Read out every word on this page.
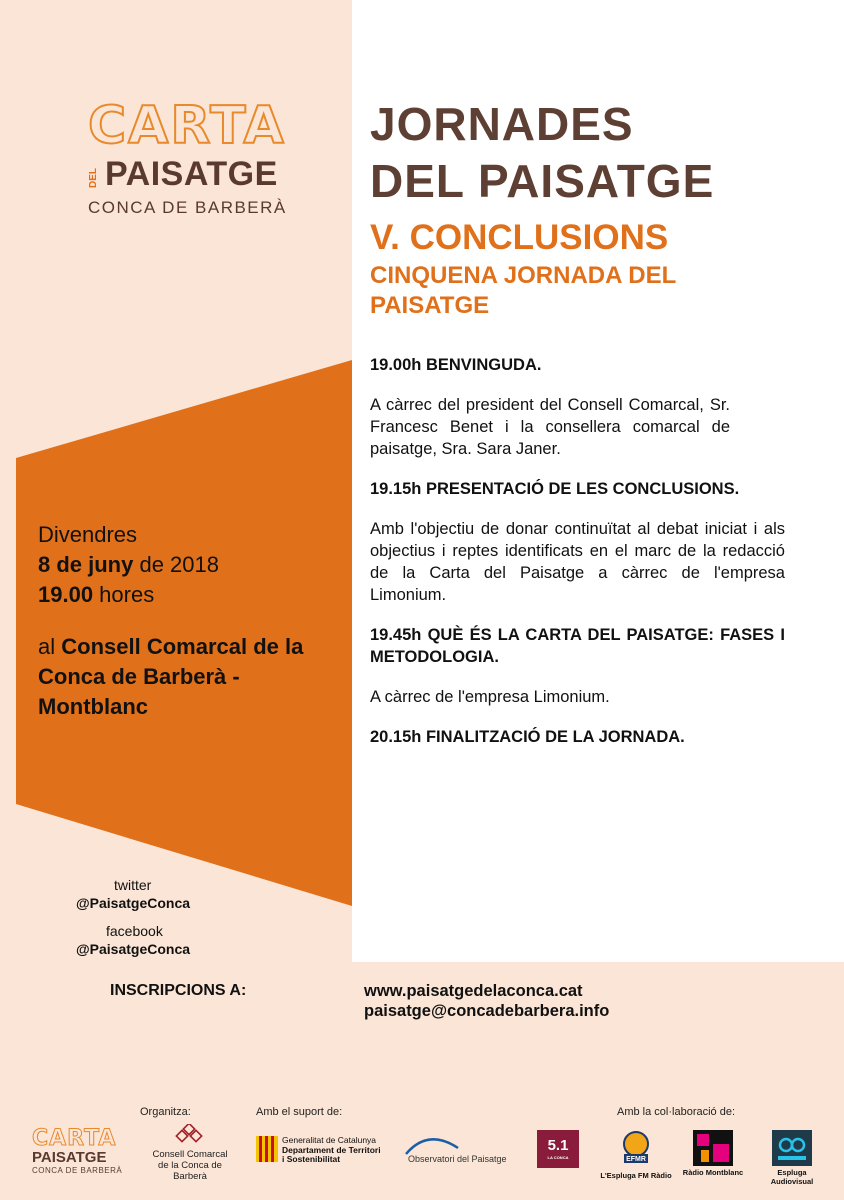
CARTA
DEL PAISATGE
CONCA DE BARBERÀ
JORNADES
DEL PAISATGE
V. CONCLUSIONS
CINQUENA JORNADA DEL PAISATGE
19.00h BENVINGUDA.

A càrrec del president del Consell Comarcal, Sr. Francesc Benet i la consellera comarcal de paisatge, Sra. Sara Janer.

19.15h PRESENTACIÓ DE LES CONCLUSIONS.

Amb l'objectiu de donar continuïtat al debat iniciat i als objectius i reptes identificats en el marc de la redacció de la Carta del Paisatge a càrrec de l'empresa Limonium.

19.45h QUÈ ÉS LA CARTA DEL PAISATGE: FASES I METODOLOGIA.

A càrrec de l'empresa Limonium.

20.15h FINALITZACIÓ DE LA JORNADA.
Divendres
8 de juny de 2018
19.00 hores
al Consell Comarcal de la Conca de Barberà - Montblanc
twitter
@PaisatgeConca
facebook
@PaisatgeConca
INSCRIPCIONS A:	www.paisatgedelaconca.cat
paisatge@concadebarbera.info
Organitza:	Amb el suport de:	Amb la col·laboració de:
CARTA
PAISATGE
CONCA DE BARBERÀ
Consell Comarcal
de la Conca de Barberà
Generalitat de Catalunya
Departament de Territori
i Sostenibilitat	Observatori del Paisatge
5.1
LA CONCA	EFMR
L'Espluga FM Ràdio Ràdio Montblanc	Espluga Audiovisual
